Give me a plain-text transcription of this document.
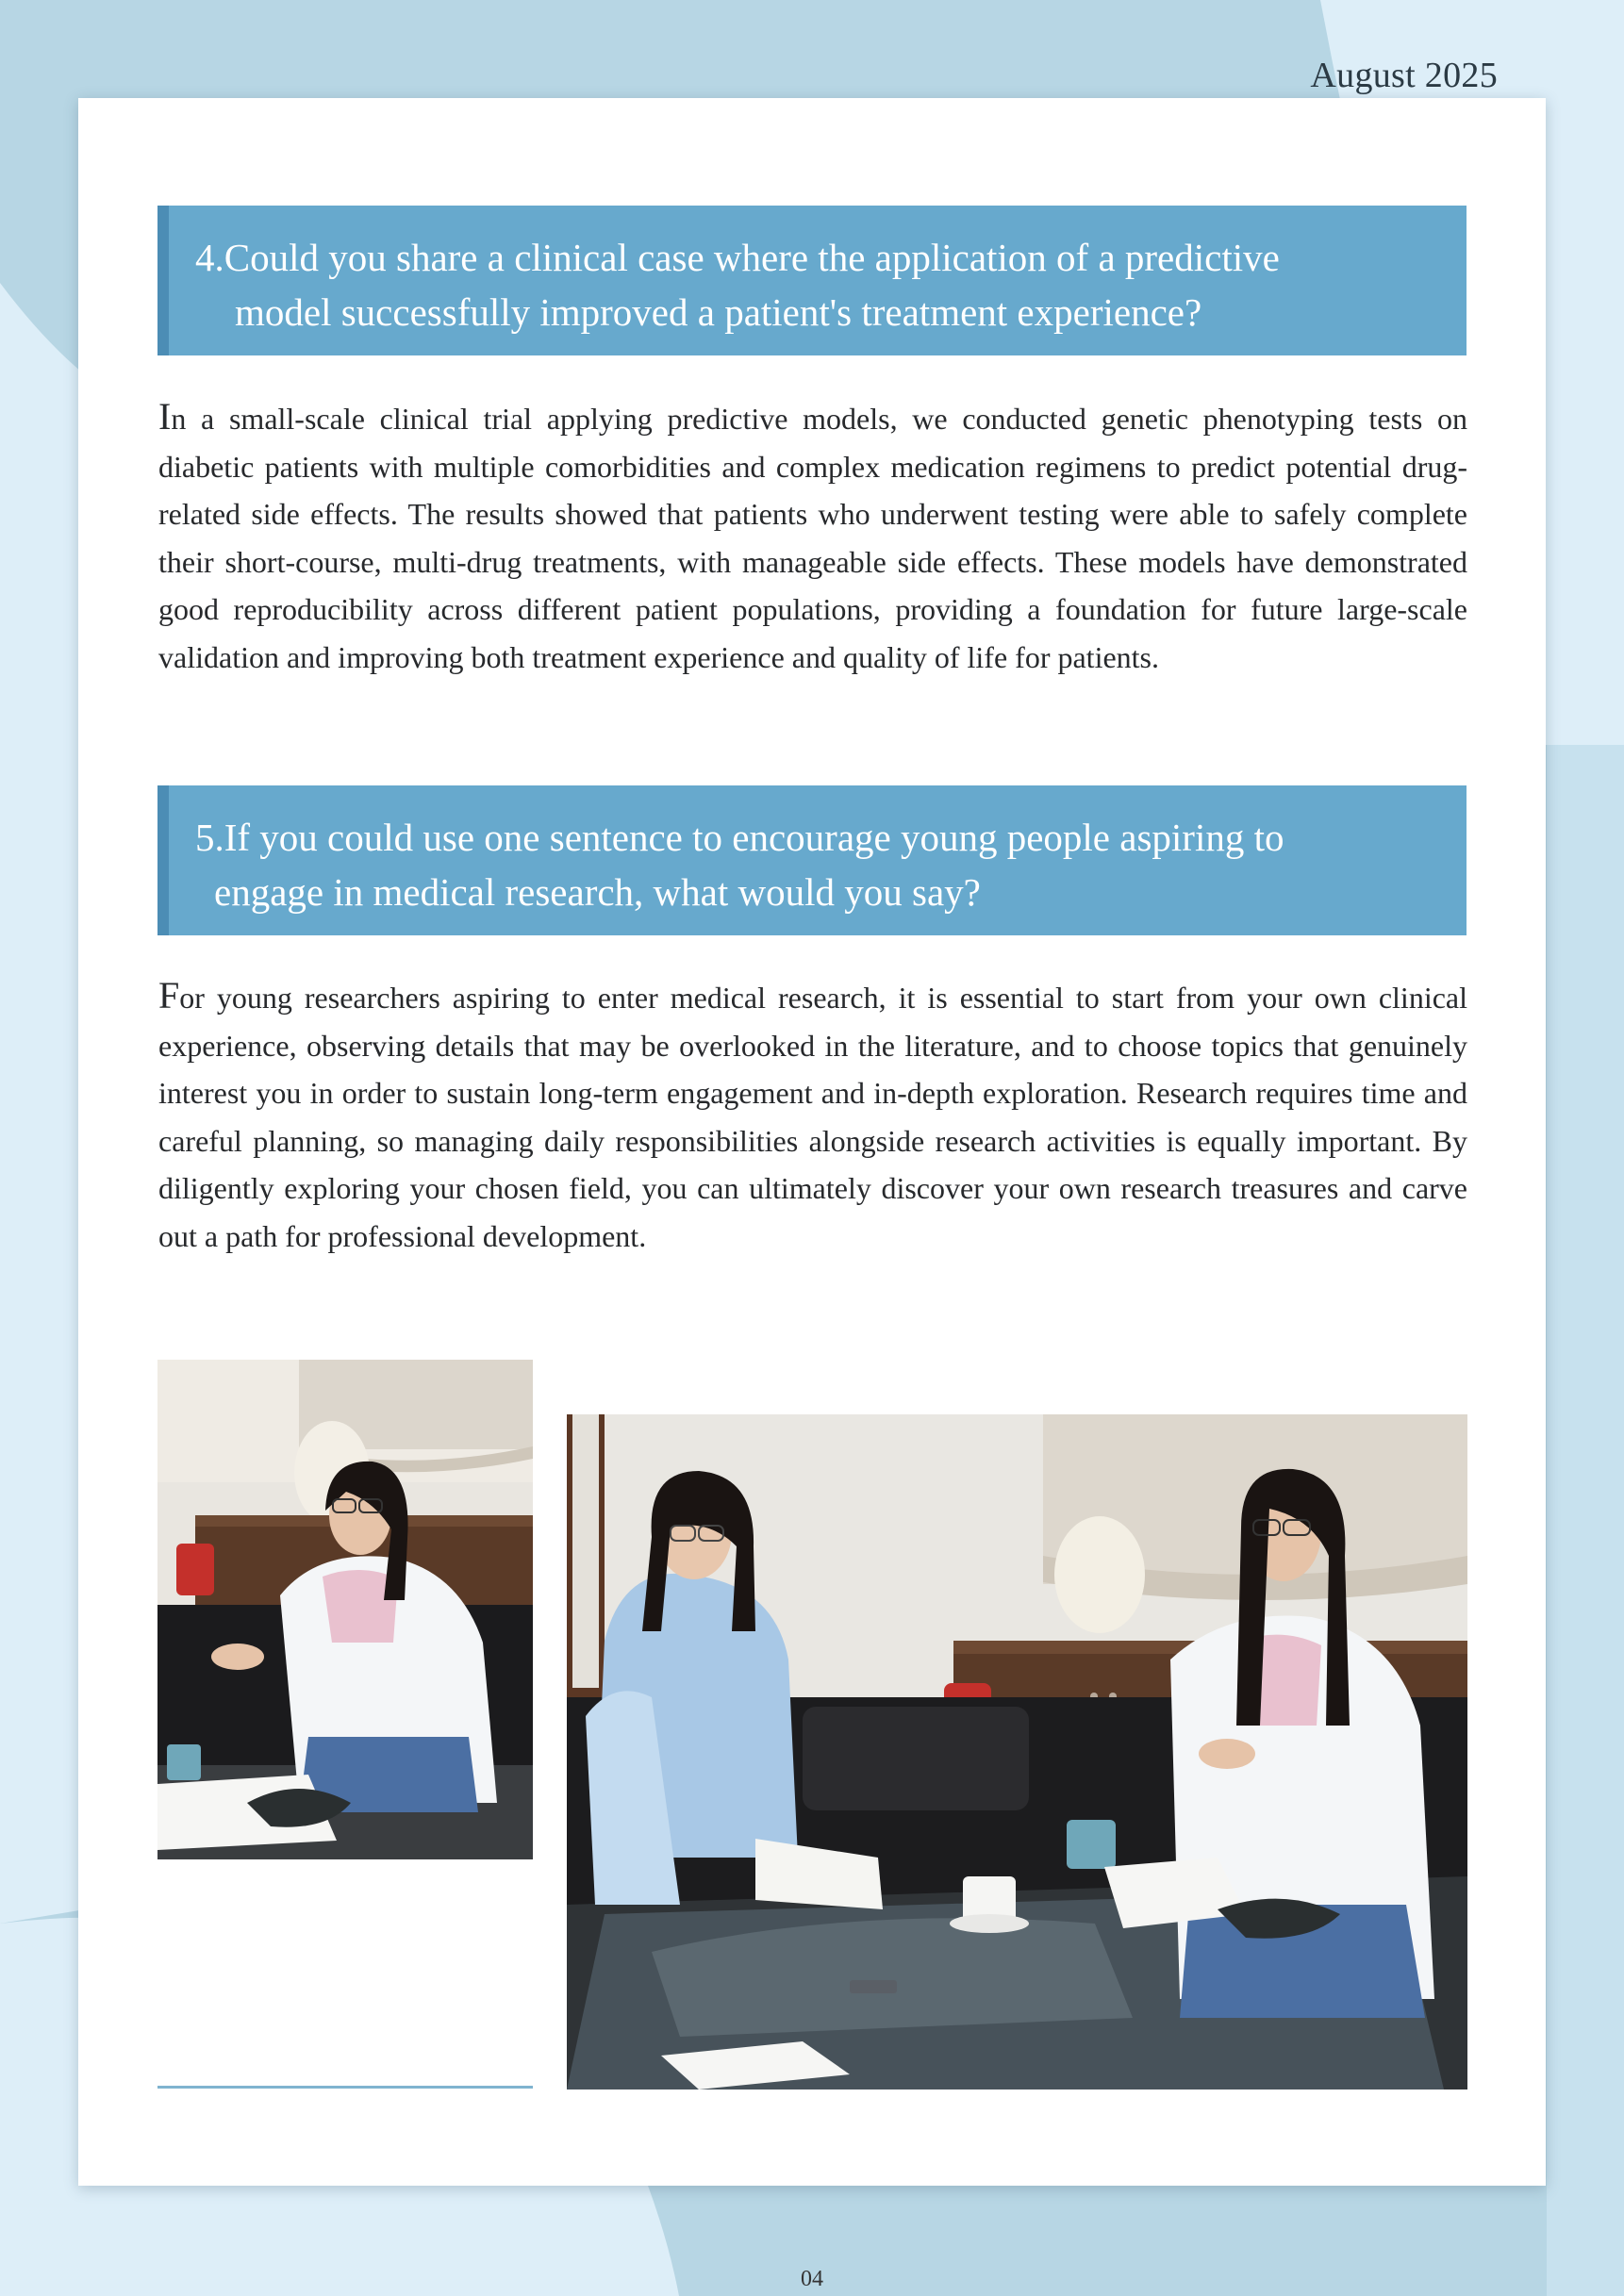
August 2025
4.Could you share a clinical case where the application of a predictive
model successfully improved a patient's treatment experience?

In a small-scale clinical trial applying predictive models, we conducted genetic phenotyping tests on diabetic patients with multiple comorbidities and complex medication regimens to predict potential drug-related side effects. The results showed that patients who underwent testing were able to safely complete their short-course, multi-drug treatments, with manageable side effects. These models have demonstrated good reproducibility across different patient populations, providing a foundation for future large-scale validation and improving both treatment experience and quality of life for patients.

5.If you could use one sentence to encourage young people aspiring to
engage in medical research, what would you say?

For young researchers aspiring to enter medical research, it is essential to start from your own clinical experience, observing details that may be overlooked in the literature, and to choose topics that genuinely interest you in order to sustain long-term engagement and in-depth exploration. Research requires time and careful planning, so managing daily responsibilities alongside research activities is equally important. By diligently exploring your chosen field, you can ultimately discover your own research treasures and carve out a path for professional development.

04
